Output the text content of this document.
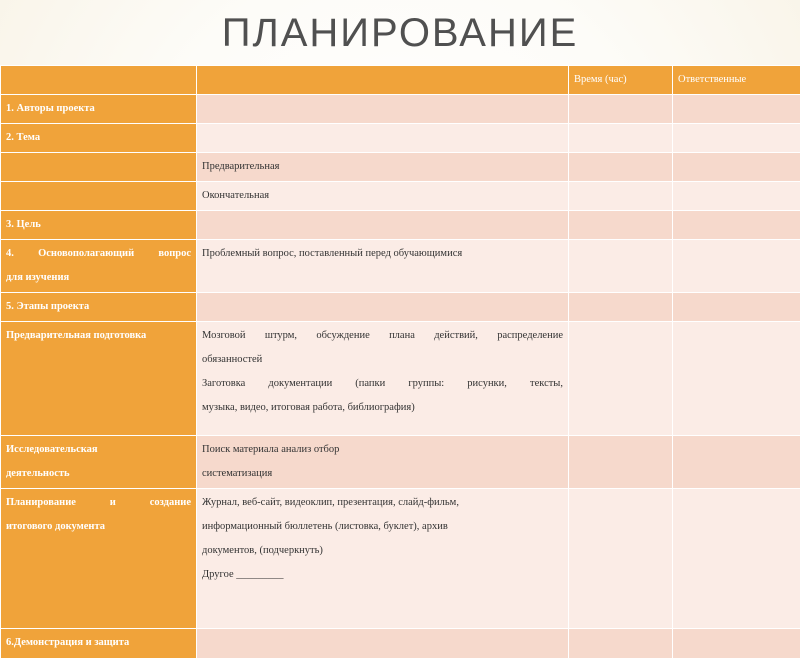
ПЛАНИРОВАНИЕ
		Время (час)	Ответственные
1. Авторы проекта			
2. Тема			
	Предварительная		
	Окончательная		
3. Цель			

4. Основополагающий вопрос
для изучения	Проблемный вопрос, поставленный перед обучающимися		
5. Этапы проекта			
Предварительная подготовка	Мозговой штурм, обсуждение плана действий, распределение
обязанностей
Заготовка документации (папки группы: рисунки, тексты,
музыка, видео, итоговая работа, библиография)		

Исследовательская
деятельность	Поиск материала анализ отбор
систематизация		

Планирование и создание
итогового документа	Журнал, веб-сайт, видеоклип, презентация, слайд-фильм,
информационный бюллетень (листовка, буклет), архив
документов, (подчеркнуть)
Другое _________		

6.Демонстрация и защита			
